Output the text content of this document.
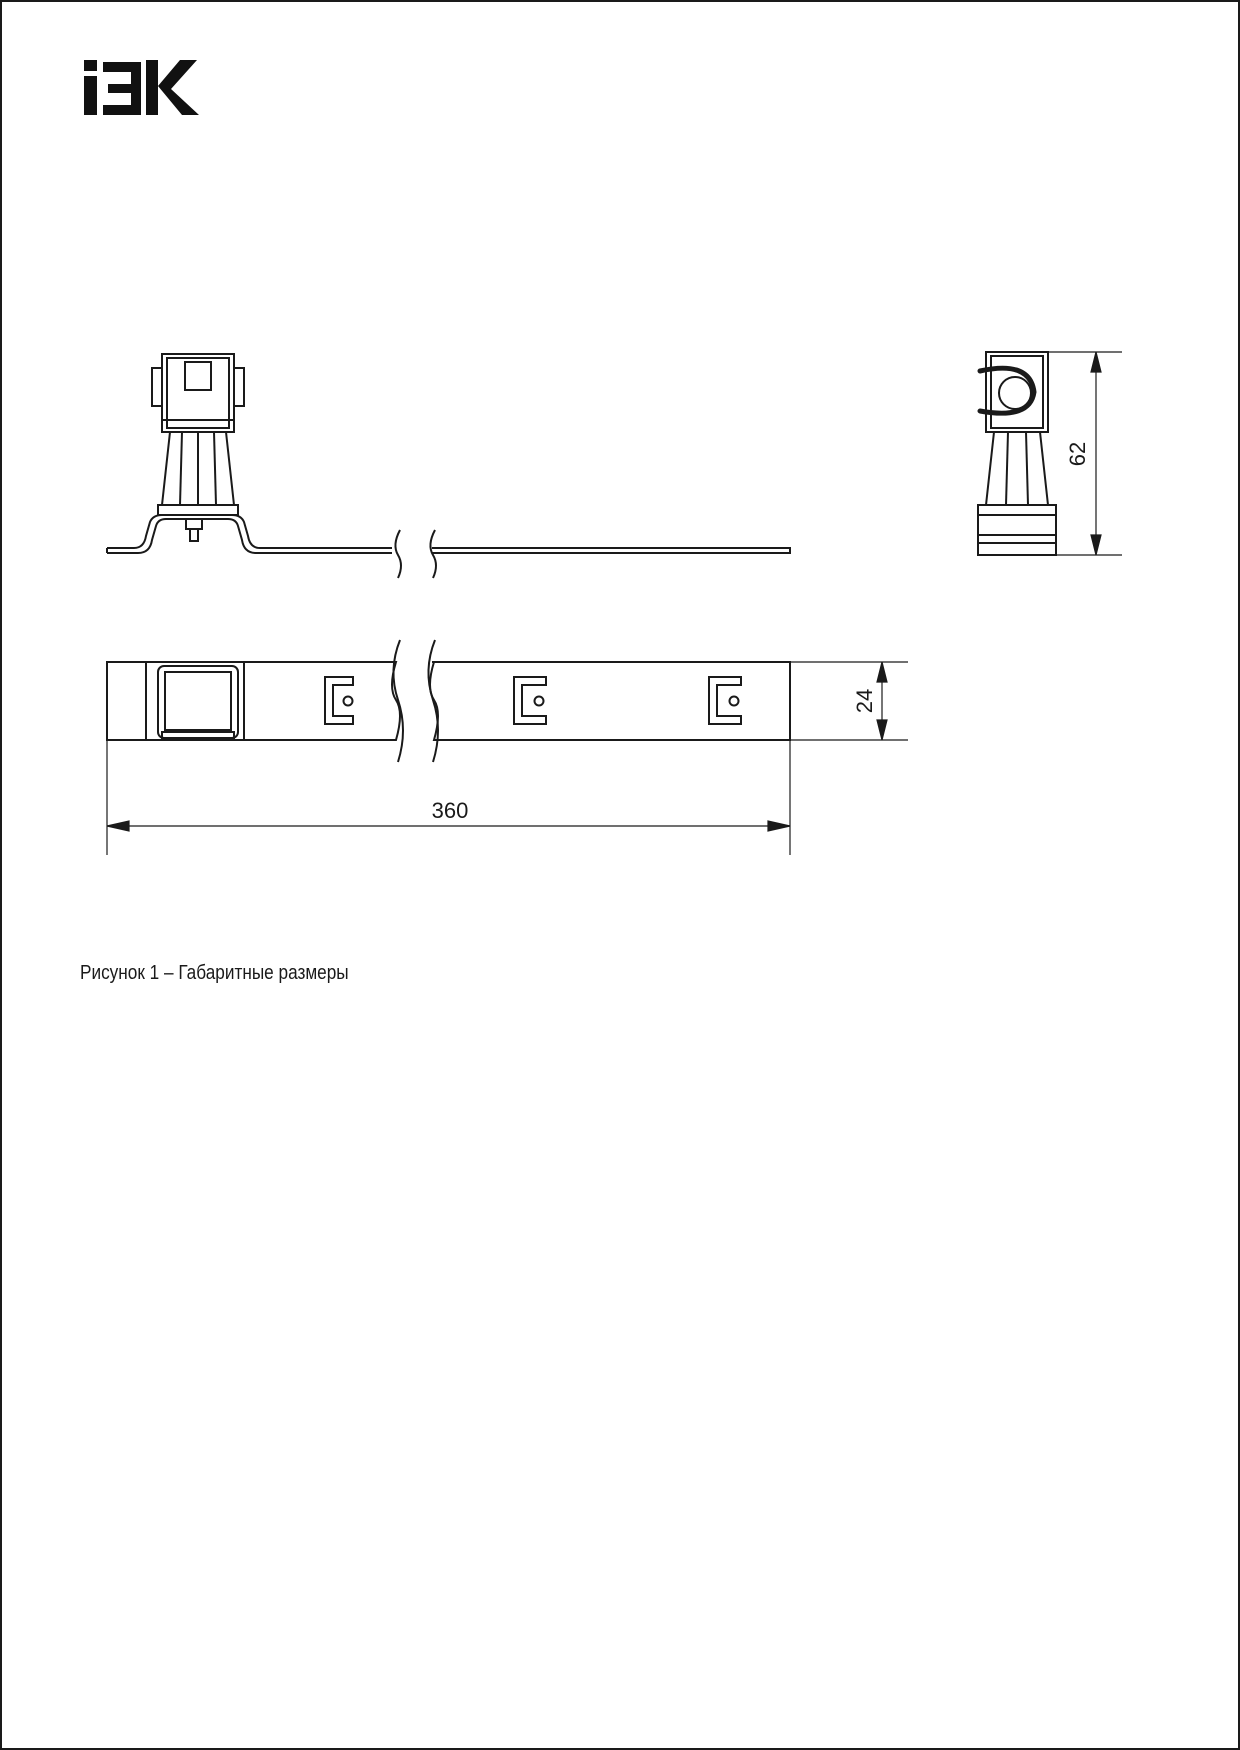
62
24
360
Рисунок 1 – Габаритные размеры
